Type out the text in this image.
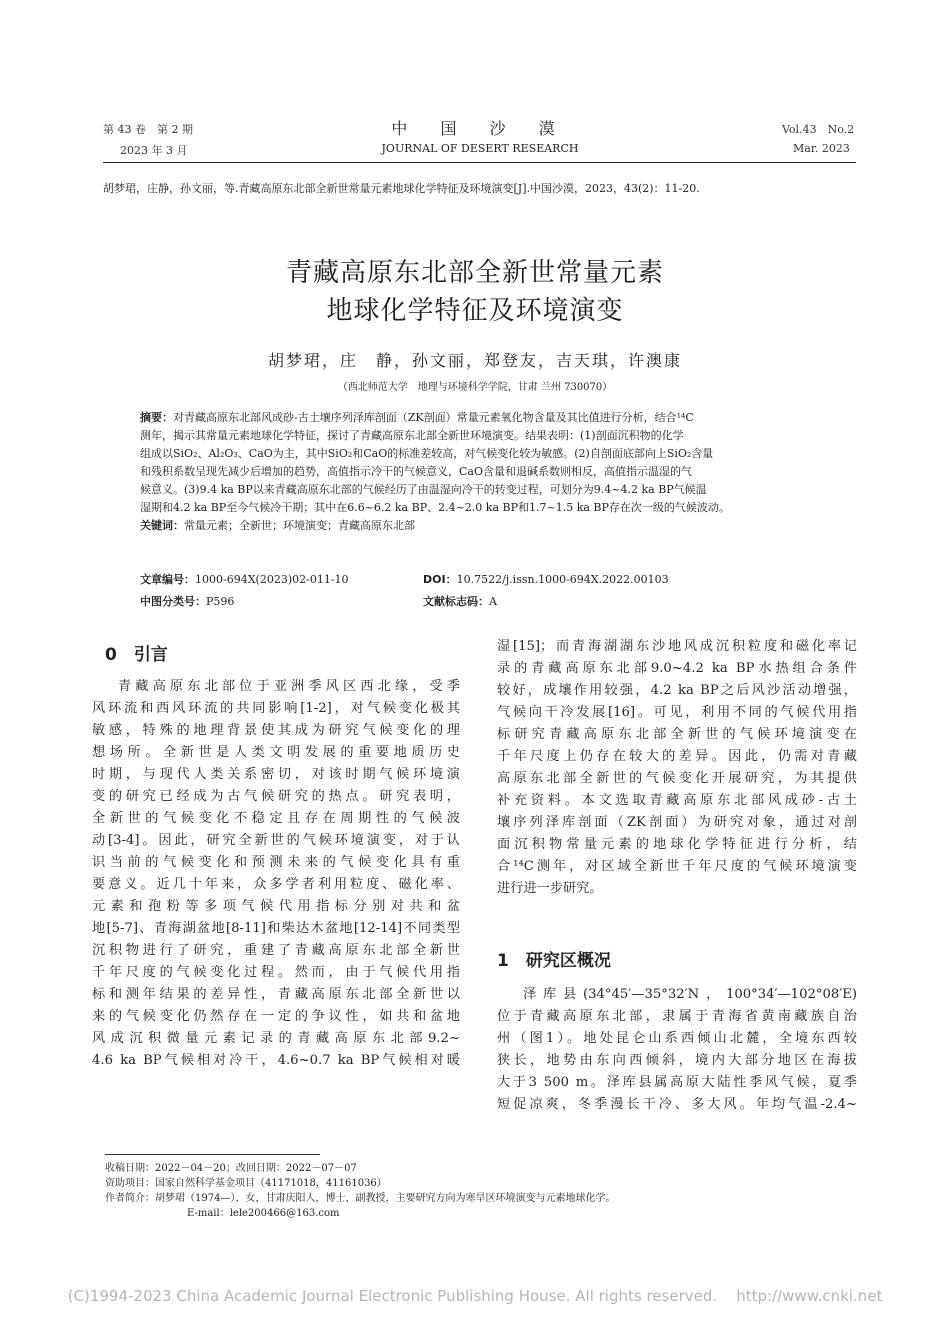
第 43 卷　第 2 期
2023 年 3 月
中 国 沙 漠
JOURNAL OF DESERT RESEARCH
Vol.43　No.2
Mar. 2023
胡梦珺，庄静，孙文丽，等.青藏高原东北部全新世常量元素地球化学特征及环境演变[J].中国沙漠，2023，43(2)：11-20.
青藏高原东北部全新世常量元素
地球化学特征及环境演变
胡梦珺，庄　静，孙文丽，郑登友，吉天琪，许澳康
（西北师范大学　地理与环境科学学院，甘肃 兰州 730070）
摘要：对青藏高原东北部风成砂-古土壤序列泽库剖面（ZK剖面）常量元素氧化物含量及其比值进行分析，结合¹⁴C
测年，揭示其常量元素地球化学特征，探讨了青藏高原东北部全新世环境演变。结果表明：(1)剖面沉积物的化学
组成以SiO₂、Al₂O₃、CaO为主，其中SiO₂和CaO的标准差较高，对气候变化较为敏感。(2)自剖面底部向上SiO₂含量
和残积系数呈现先减少后增加的趋势，高值指示冷干的气候意义，CaO含量和退碱系数则相反，高值指示温湿的气
候意义。(3)9.4 ka BP以来青藏高原东北部的气候经历了由温湿向冷干的转变过程，可划分为9.4~4.2 ka BP气候温
湿期和4.2 ka BP至今气候冷干期；其中在6.6~6.2 ka BP、2.4~2.0 ka BP和1.7~1.5 ka BP存在次一级的气候波动。
关键词：常量元素；全新世；环境演变；青藏高原东北部
文章编号：1000-694X(2023)02-011-10	DOI：10.7522/j.issn.1000-694X.2022.00103
中图分类号：P596	文献标志码：A
0　引言
青藏高原东北部位于亚洲季风区西北缘，受季
风环流和西风环流的共同影响[1-2]，对气候变化极其
敏感，特殊的地理背景使其成为研究气候变化的理
想场所。全新世是人类文明发展的重要地质历史
时期，与现代人类关系密切，对该时期气候环境演
变的研究已经成为古气候研究的热点。研究表明，
全新世的气候变化不稳定且存在周期性的气候波
动[3-4]。因此，研究全新世的气候环境演变，对于认
识当前的气候变化和预测未来的气候变化具有重
要意义。近几十年来，众多学者利用粒度、磁化率、
元素和孢粉等多项气候代用指标分别对共和盆
地[5-7]、青海湖盆地[8-11]和柴达木盆地[12-14]不同类型
沉积物进行了研究，重建了青藏高原东北部全新世
千年尺度的气候变化过程。然而，由于气候代用指
标和测年结果的差异性，青藏高原东北部全新世以
来的气候变化仍然存在一定的争议性，如共和盆地
风成沉积微量元素记录的青藏高原东北部9.2~
4.6 ka BP气候相对冷干，4.6~0.7 ka BP气候相对暖
湿[15]；而青海湖湖东沙地风成沉积粒度和磁化率记
录的青藏高原东北部9.0~4.2 ka BP水热组合条件
较好，成壤作用较强，4.2 ka BP之后风沙活动增强，
气候向干冷发展[16]。可见，利用不同的气候代用指
标研究青藏高原东北部全新世的气候环境演变在
千年尺度上仍存在较大的差异。因此，仍需对青藏
高原东北部全新世的气候变化开展研究，为其提供
补充资料。本文选取青藏高原东北部风成砂-古土
壤序列泽库剖面（ZK剖面）为研究对象，通过对剖
面沉积物常量元素的地球化学特征进行分析，结
合¹⁴C测年，对区域全新世千年尺度的气候环境演变
进行进一步研究。
1　研究区概况
泽库县(34°45′—35°32′N，100°34′—102°08′E)
位于青藏高原东北部，隶属于青海省黄南藏族自治
州（图1）。地处昆仑山系西倾山北麓，全境东西较
狭长，地势由东向西倾斜，境内大部分地区在海拔
大于3 500 m。泽库县属高原大陆性季风气候，夏季
短促凉爽，冬季漫长干冷、多大风。年均气温-2.4~
收稿日期：2022－04－20；改回日期：2022－07－07
资助项目：国家自然科学基金项目（41171018，41161036）
作者简介：胡梦珺（1974—），女，甘肃庆阳人，博士，副教授，主要研究方向为寒旱区环境演变与元素地球化学。
E-mail：lele200466@163.com
(C)1994-2023 China Academic Journal Electronic Publishing House. All rights reserved.    http://www.cnki.net
